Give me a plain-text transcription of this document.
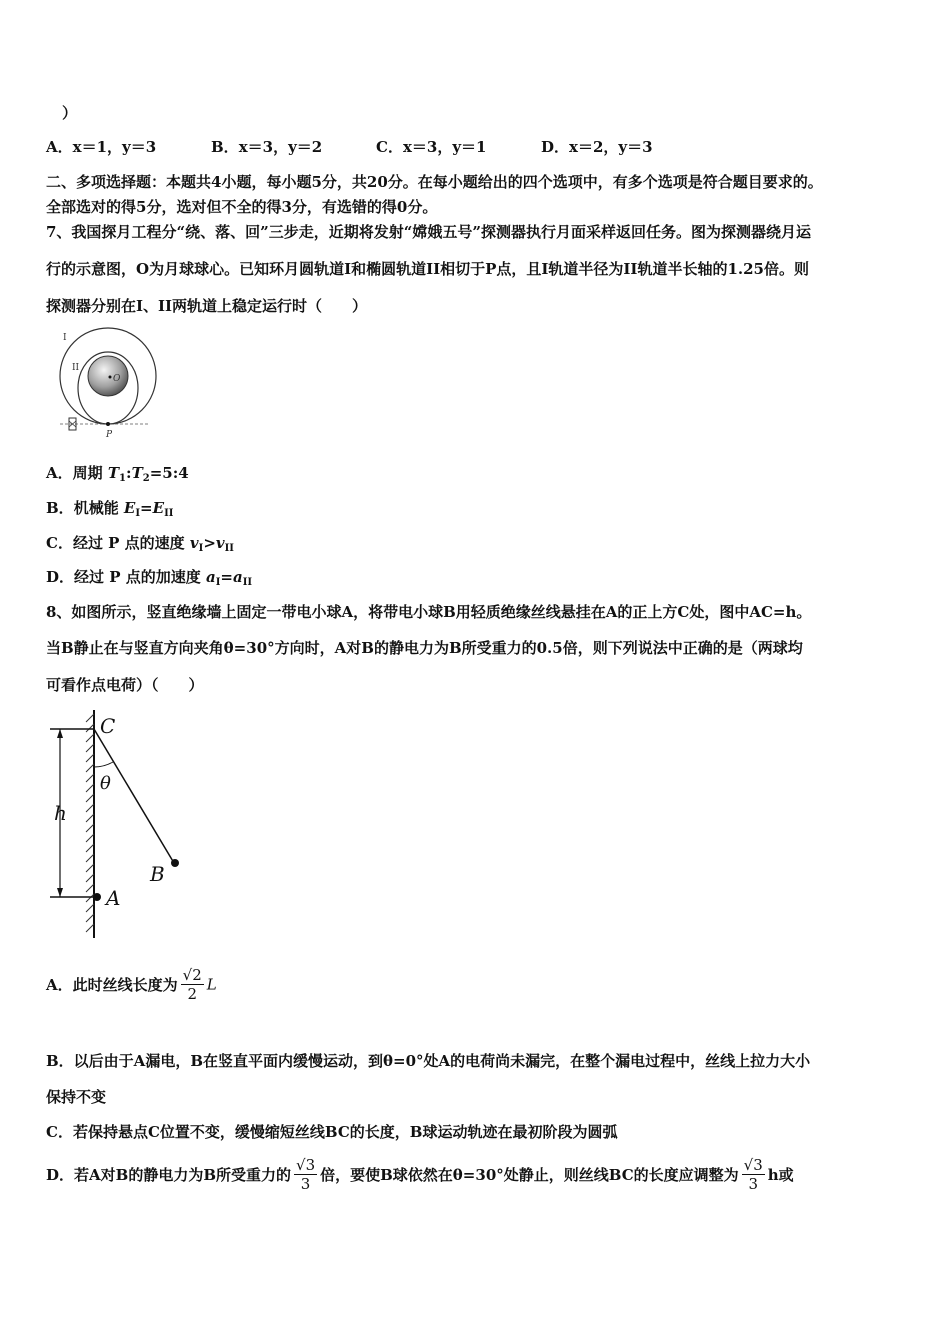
）
A．x＝1，y＝3	B．x＝3，y＝2	C．x＝3，y＝1	D．x＝2，y＝3
二、多项选择题：本题共4小题，每小题5分，共20分。在每小题给出的四个选项中，有多个选项是符合题目要求的。
全部选对的得5分，选对但不全的得3分，有选错的得0分。
7、我国探月工程分“绕、落、回”三步走，近期将发射“嫦娥五号”探测器执行月面采样返回任务。图为探测器绕月运
行的示意图，O为月球球心。已知环月圆轨道I和椭圆轨道II相切于P点，且I轨道半径为II轨道半长轴的1.25倍。则
探测器分别在I、II两轨道上稳定运行时（　　）
I
II
O
P
A．周期 $T_1:T_2=5:4$
B．机械能 $E_I=E_{II}$
C．经过 P 点的速度 $v_I>v_{II}$
D．经过 P 点的加速度 $a_I=a_{II}$
8、如图所示，竖直绝缘墙上固定一带电小球A，将带电小球B用轻质绝缘丝线悬挂在A的正上方C处，图中AC=h。
当B静止在与竖直方向夹角θ=30°方向时，A对B的静电力为B所受重力的0.5倍，则下列说法中正确的是（两球均
可看作点电荷）（　　）
C
θ
h
B
A
A．此时丝线长度为 $\frac{√2}{2}$ L
B．以后由于A漏电，B在竖直平面内缓慢运动，到θ=0°处A的电荷尚未漏完，在整个漏电过程中，丝线上拉力大小
保持不变
C．若保持悬点C位置不变，缓慢缩短丝线BC的长度，B球运动轨迹在最初阶段为圆弧
D．若A对B的静电力为B所受重力的 $\frac{√3}{3}$ 倍，要使B球依然在θ=30°处静止，则丝线BC的长度应调整为 $\frac{√3}{3}$ h或
